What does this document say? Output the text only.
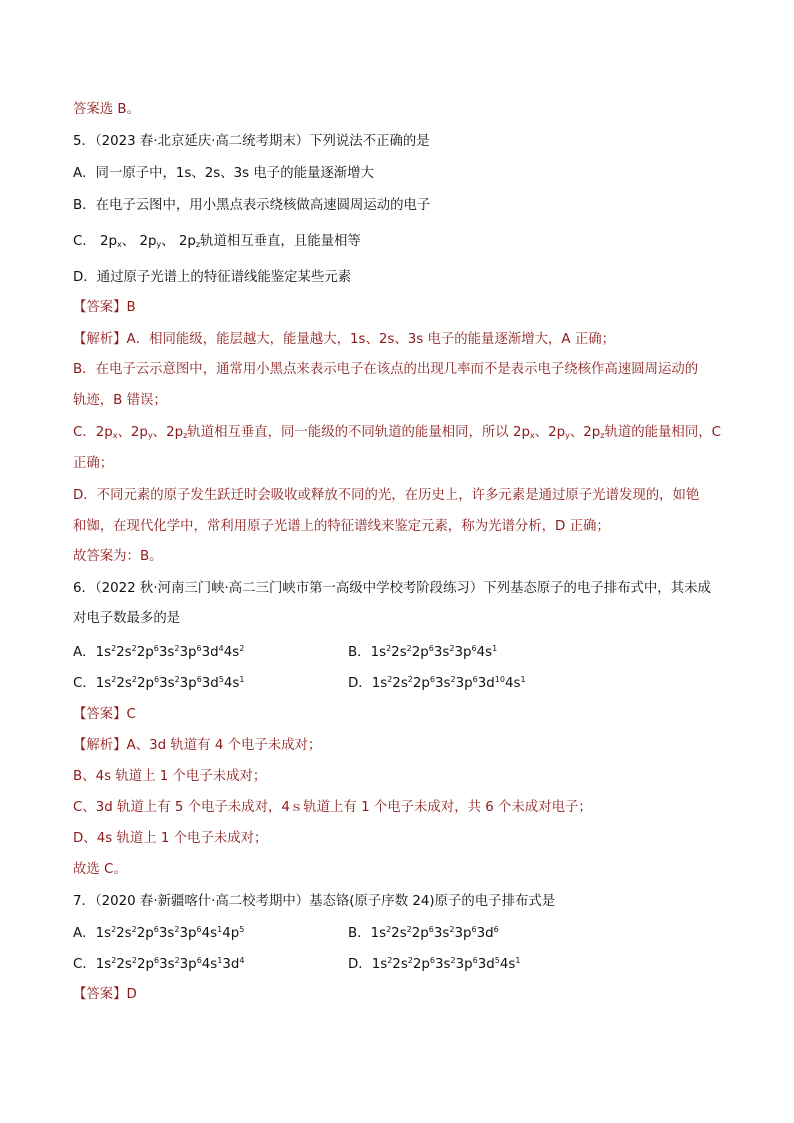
答案选 B。
5．（2023 春·北京延庆·高二统考期末）下列说法不正确的是
A．同一原子中，1s、2s、3s 电子的能量逐渐增大
B．在电子云图中，用小黑点表示绕核做高速圆周运动的电子
C． $2p_x$、 $2p_y$、 $2p_z$轨道相互垂直，且能量相等
D．通过原子光谱上的特征谱线能鉴定某些元素
【答案】B
【解析】A．相同能级，能层越大，能量越大，1s、2s、3s 电子的能量逐渐增大，A 正确；
B．在电子云示意图中，通常用小黑点来表示电子在该点的出现几率而不是表示电子绕核作高速圆周运动的
轨迹，B 错误；
C．$2p_x$、$2p_y$、$2p_z$轨道相互垂直，同一能级的不同轨道的能量相同，所以 $2p_x$、$2p_y$、$2p_z$轨道的能量相同，C
正确；
D．不同元素的原子发生跃迁时会吸收或释放不同的光，在历史上，许多元素是通过原子光谱发现的，如铯
和铷，在现代化学中，常利用原子光谱上的特征谱线来鉴定元素，称为光谱分析，D 正确；
故答案为：B。
6．（2022 秋·河南三门峡·高二三门峡市第一高级中学校考阶段练习）下列基态原子的电子排布式中，其未成
对电子数最多的是
A．$1s^22s^22p^63s^23p^63d^44s^2$	B．$1s^22s^22p^63s^23p^64s^1$
C．$1s^22s^22p^63s^23p^63d^54s^1$	D．$1s^22s^22p^63s^23p^63d^{10}4s^1$
【答案】C
【解析】A、3d 轨道有 4 个电子未成对；
B、4s 轨道上 1 个电子未成对；
C、3d 轨道上有 5 个电子未成对，4ｓ轨道上有 1 个电子未成对，共 6 个未成对电子；
D、4s 轨道上 1 个电子未成对；
故选 C。
7．（2020 春·新疆喀什·高二校考期中）基态铬(原子序数 24)原子的电子排布式是
A．$1s^22s^22p^63s^23p^64s^14p^5$	B．$1s^22s^22p^63s^23p^63d^6$
C．$1s^22s^22p^63s^23p^64s^13d^4$	D．$1s^22s^22p^63s^23p^63d^54s^1$
【答案】D
